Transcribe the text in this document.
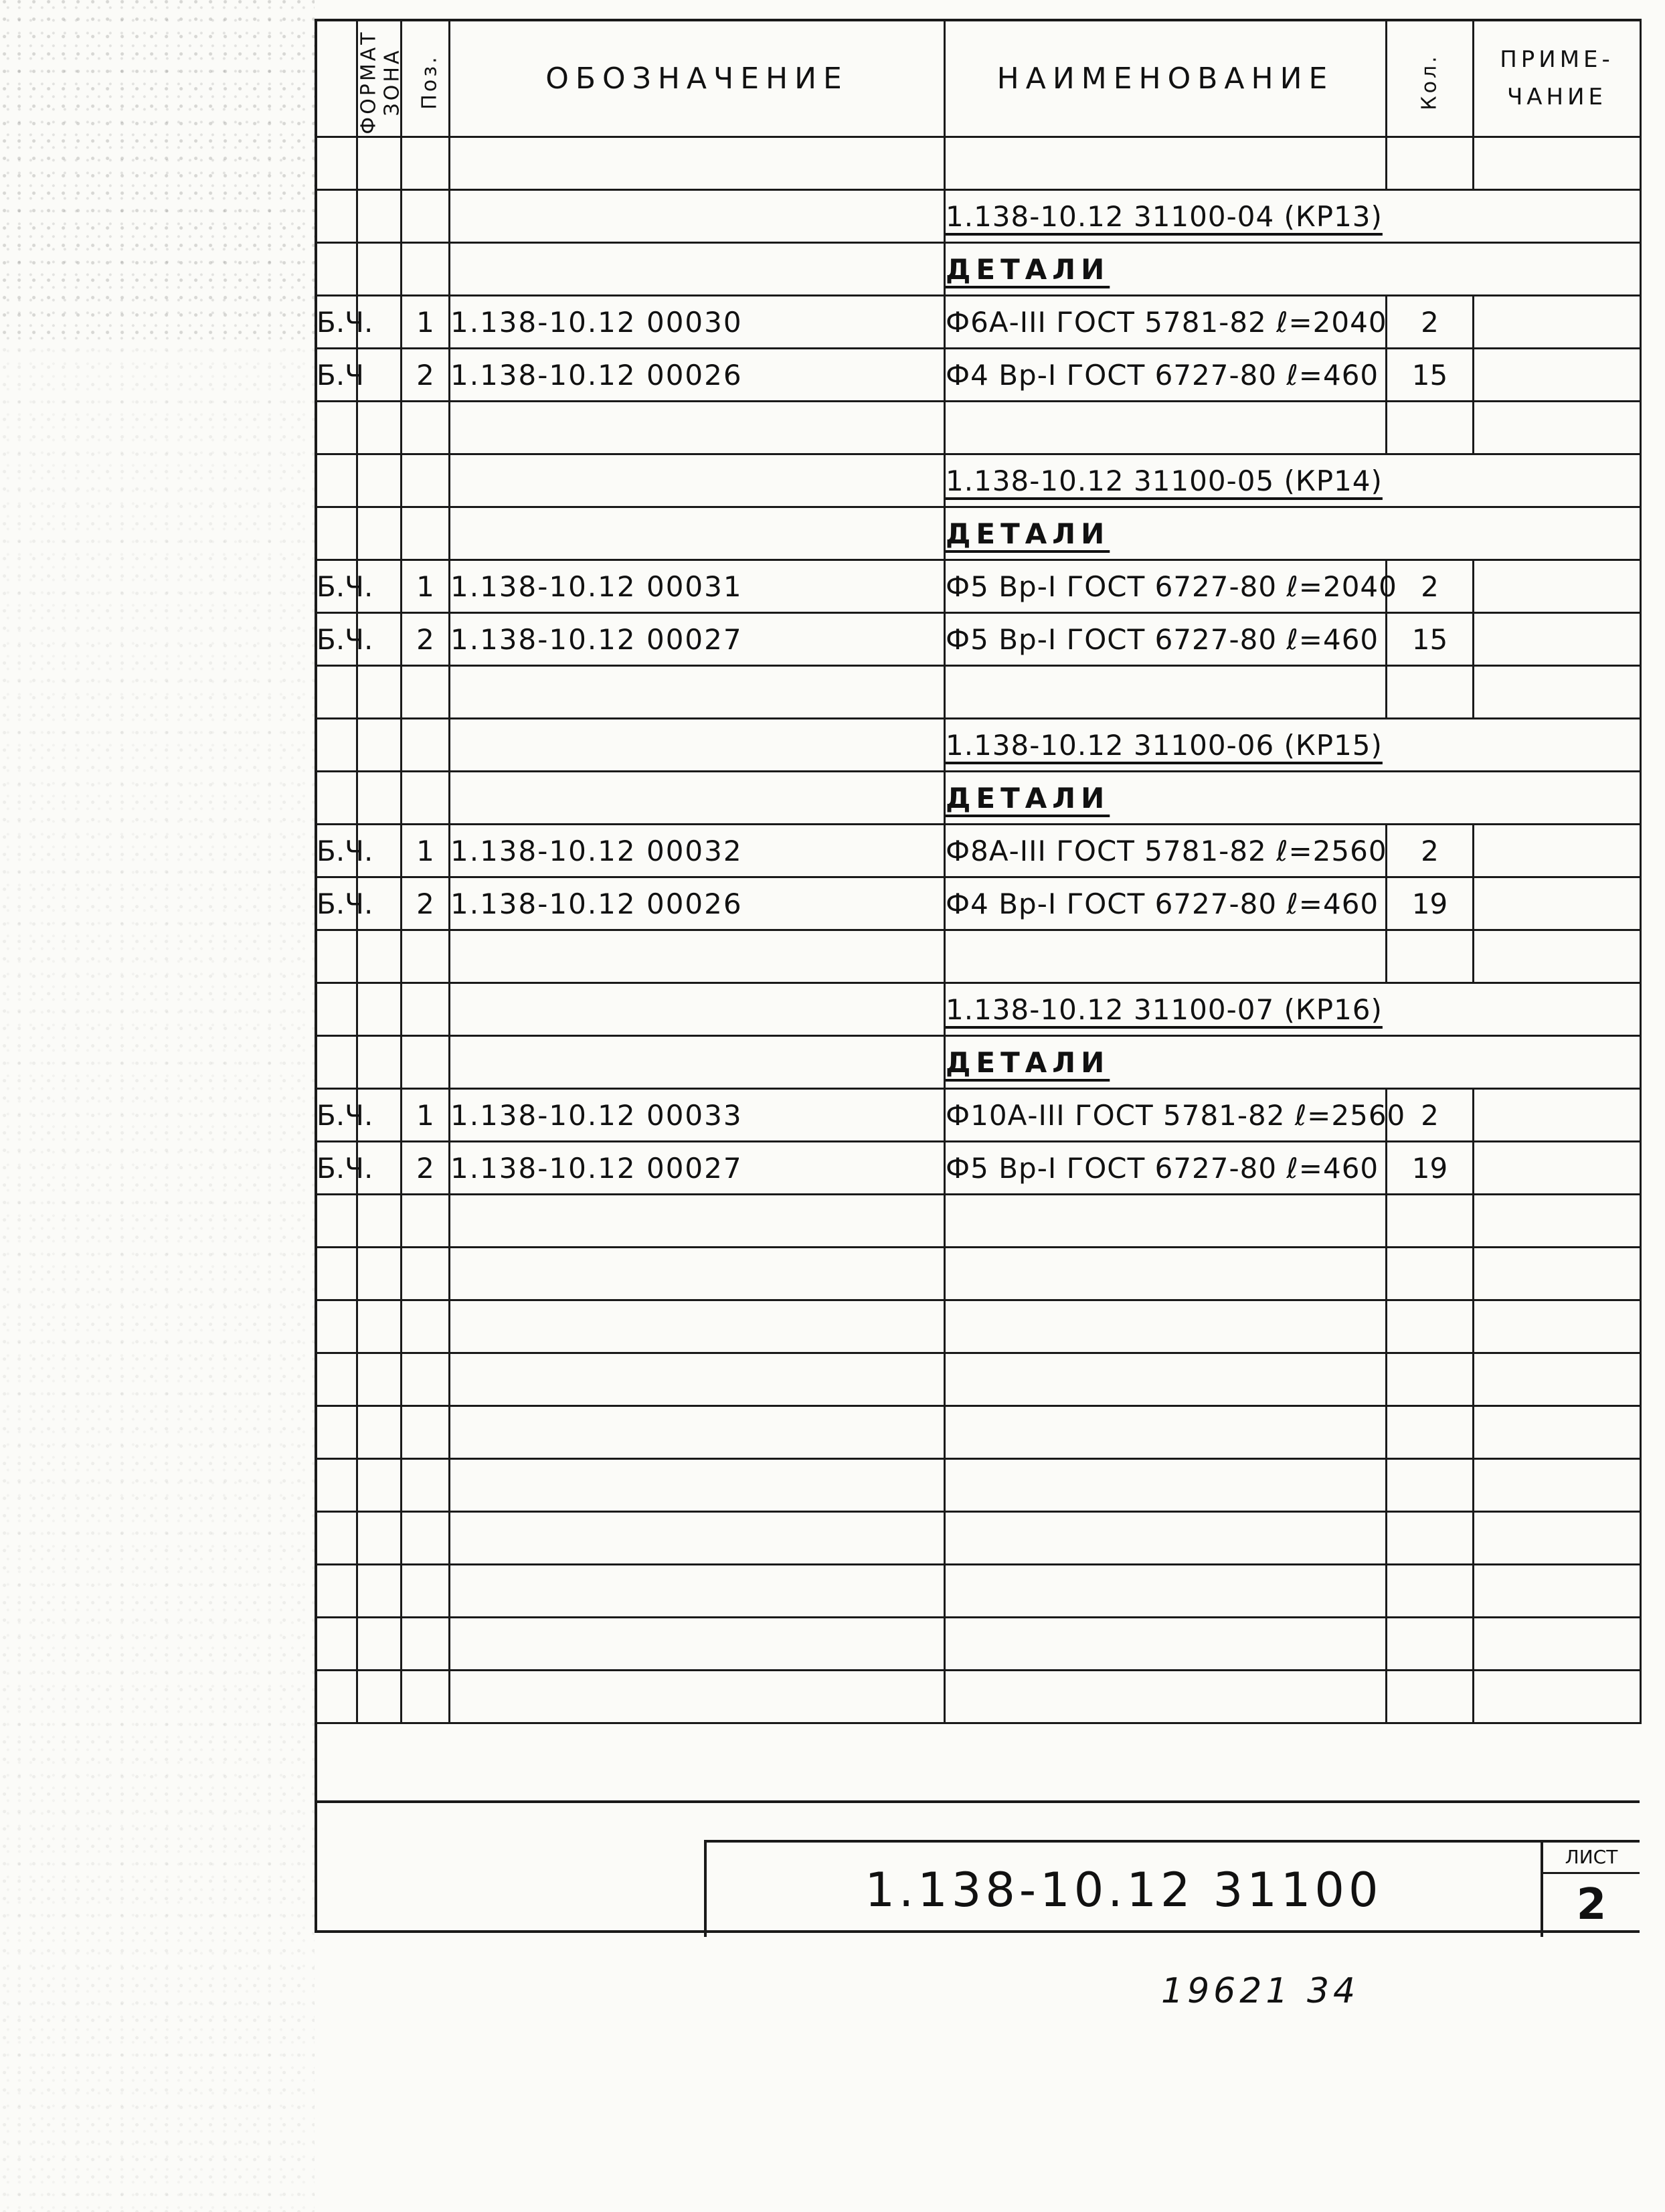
ФОРМАТ	ЗОНА	Поз.	ОБОЗНАЧЕНИЕ	НАИМЕНОВАНИЕ	Кол.	ПРИМЕ-
ЧАНИЕ

				1.138-10.12 31100-04 (КР13)		
				ДЕТАЛИ		
Б.Ч.		1	1.138-10.12 00030	Ф6А-III ГОСТ 5781-82 ℓ=2040	2	
Б.Ч		2	1.138-10.12 00026	Ф4 Вр-I ГОСТ 6727-80 ℓ=460	15	

				1.138-10.12 31100-05 (КР14)		
				ДЕТАЛИ		
Б.Ч.		1	1.138-10.12 00031	Ф5 Вр-I ГОСТ 6727-80 ℓ=2040	2	
Б.Ч.		2	1.138-10.12 00027	Ф5 Вр-I ГОСТ 6727-80 ℓ=460	15	

				1.138-10.12 31100-06 (КР15)		
				ДЕТАЛИ		
Б.Ч.		1	1.138-10.12 00032	Ф8А-III ГОСТ 5781-82 ℓ=2560	2	
Б.Ч.		2	1.138-10.12 00026	Ф4 Вр-I ГОСТ 6727-80 ℓ=460	19	

				1.138-10.12 31100-07 (КР16)		
				ДЕТАЛИ		
Б.Ч.		1	1.138-10.12 00033	Ф10А-III ГОСТ 5781-82 ℓ=2560	2	
Б.Ч.		2	1.138-10.12 00027	Ф5 Вр-I ГОСТ 6727-80 ℓ=460	19	

1.138-10.12 31100
ЛИСТ
2
19621 34
